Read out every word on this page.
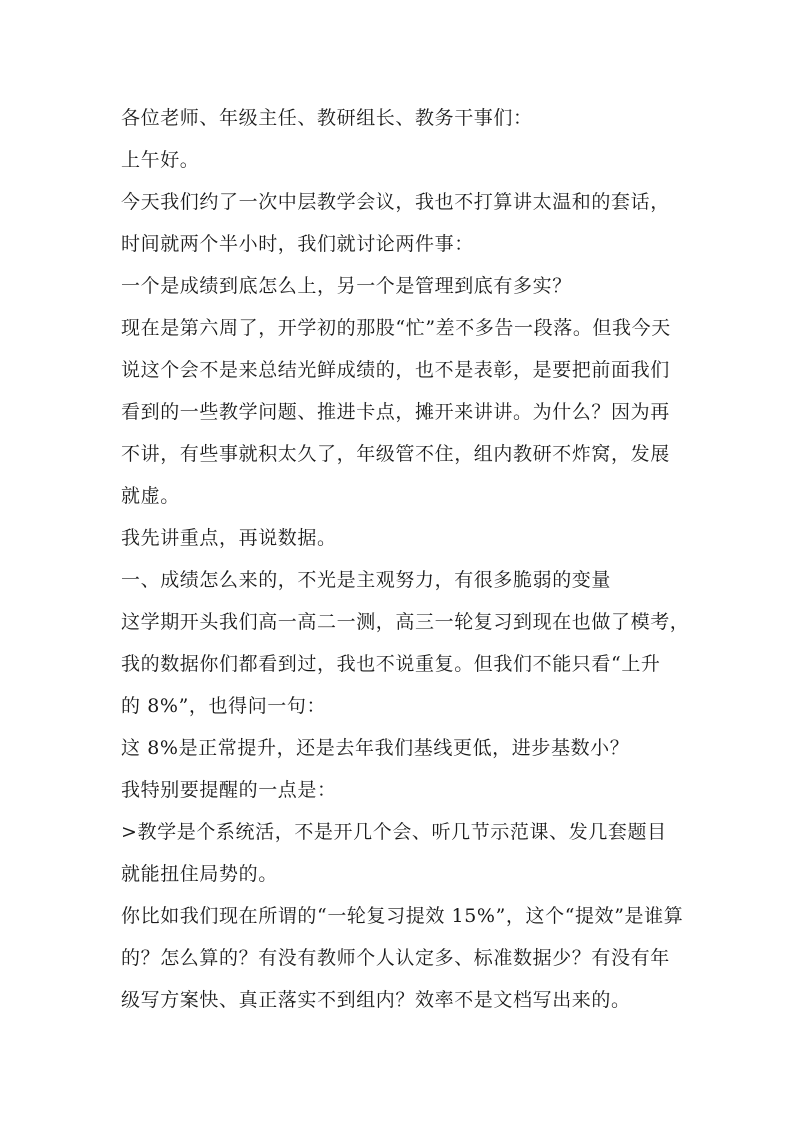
各位老师、年级主任、教研组长、教务干事们：
上午好。
今天我们约了一次中层教学会议，我也不打算讲太温和的套话，
时间就两个半小时，我们就讨论两件事：
一个是成绩到底怎么上，另一个是管理到底有多实？
现在是第六周了，开学初的那股“忙”差不多告一段落。但我今天
说这个会不是来总结光鲜成绩的，也不是表彰，是要把前面我们
看到的一些教学问题、推进卡点，摊开来讲讲。为什么？因为再
不讲，有些事就积太久了，年级管不住，组内教研不炸窝，发展
就虚。
我先讲重点，再说数据。
一、成绩怎么来的，不光是主观努力，有很多脆弱的变量
这学期开头我们高一高二一测，高三一轮复习到现在也做了模考，
我的数据你们都看到过，我也不说重复。但我们不能只看“上升
的 8%”，也得问一句：
这 8%是正常提升，还是去年我们基线更低，进步基数小？
我特别要提醒的一点是：
>教学是个系统活，不是开几个会、听几节示范课、发几套题目
就能扭住局势的。
你比如我们现在所谓的“一轮复习提效 15%”，这个“提效”是谁算
的？怎么算的？有没有教师个人认定多、标准数据少？有没有年
级写方案快、真正落实不到组内？效率不是文档写出来的。
